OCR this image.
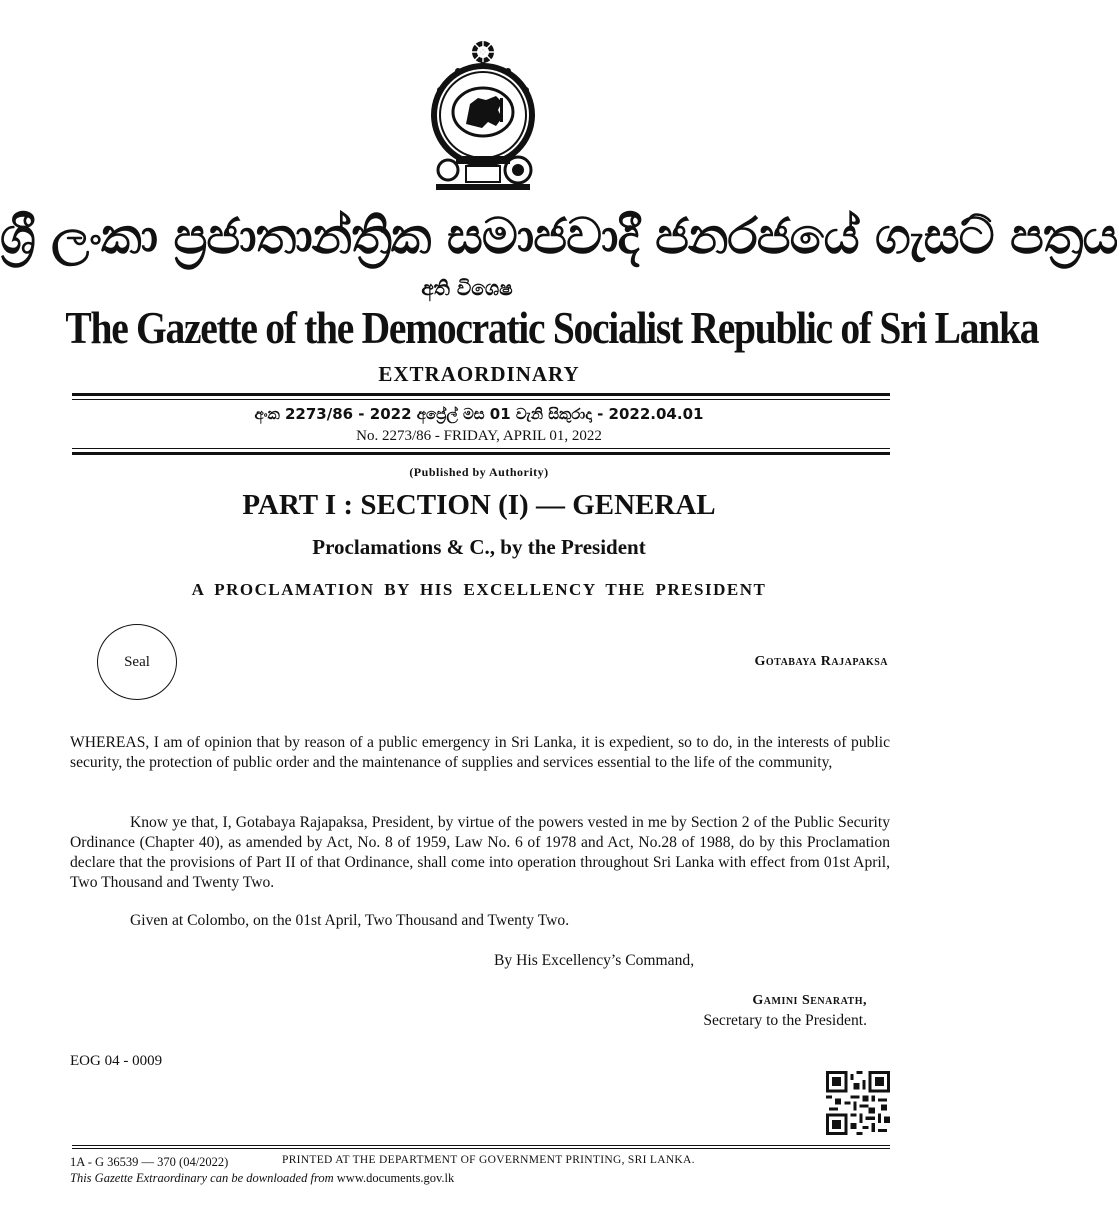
ශ්‍රී ලංකා ප්‍රජාතාන්ත්‍රික සමාජවාදී ජනරජයේ ගැසට් පත්‍රය
අති විශෙෂ
The Gazette of the Democratic Socialist Republic of Sri Lanka
EXTRAORDINARY
අංක 2273/86 - 2022 අප්‍රේල් මස 01 වැනි සිකුරාදා - 2022.04.01
No. 2273/86 - FRIDAY, APRIL 01, 2022
(Published by Authority)
PART I : SECTION (I) — GENERAL
Proclamations & C., by the President
A PROCLAMATION BY HIS EXCELLENCY THE PRESIDENT
Seal	Gotabaya Rajapaksa

WHEREAS, I am of opinion that by reason of a public emergency in Sri Lanka, it is expedient, so to do, in the interests of public security, the protection of public order and the maintenance of supplies and services essential to the life of the community,

Know ye that, I, Gotabaya Rajapaksa, President, by virtue of the powers vested in me by Section 2 of the Public Security Ordinance (Chapter 40), as amended by Act, No. 8 of 1959, Law No. 6 of 1978 and Act, No.28 of 1988, do by this Proclamation declare that the provisions of Part II of that Ordinance, shall come into operation throughout Sri Lanka with effect from 01st April, Two Thousand and Twenty Two.

Given at Colombo, on the 01st April, Two Thousand and Twenty Two.

By His Excellency’s Command,
Gamini Senarath,
Secretary to the President.
EOG 04 - 0009
1A - G 36539 — 370 (04/2022)	PRINTED AT THE DEPARTMENT OF GOVERNMENT PRINTING, SRI LANKA.
This Gazette Extraordinary can be downloaded from www.documents.gov.lk
